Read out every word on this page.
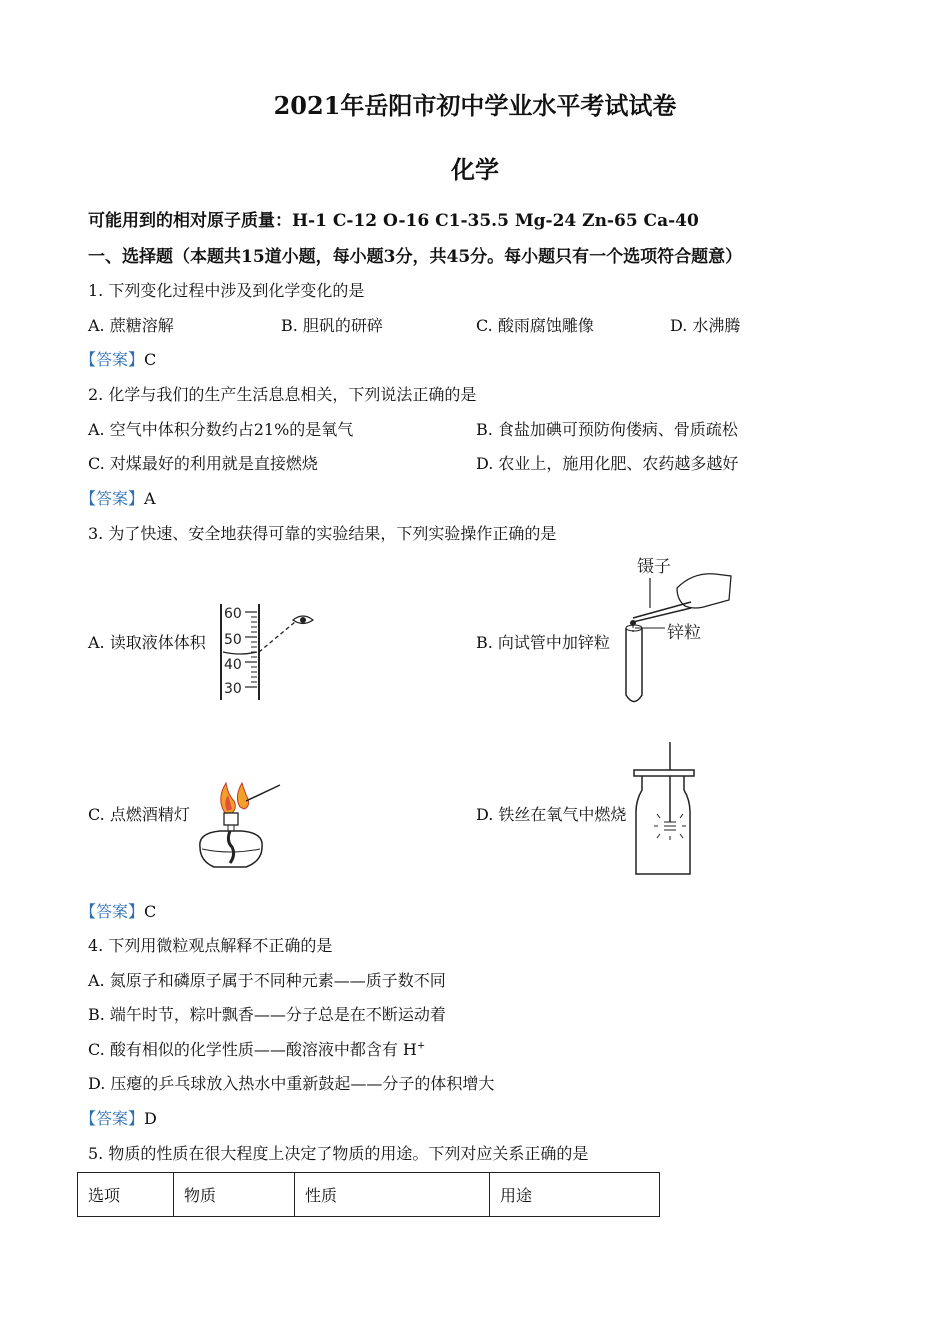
2021年岳阳市初中学业水平考试试卷
化学
可能用到的相对原子质量：H-1 C-12 O-16 C1-35.5 Mg-24 Zn-65 Ca-40
一、选择题（本题共15道小题，每小题3分，共45分。每小题只有一个选项符合题意）
1. 下列变化过程中涉及到化学变化的是
A. 蔗糖溶解	B. 胆矾的研碎	C. 酸雨腐蚀雕像	D. 水沸腾
【答案】C
2. 化学与我们的生产生活息息相关，下列说法正确的是
A. 空气中体积分数约占21%的是氧气	B. 食盐加碘可预防佝偻病、骨质疏松
C. 对煤最好的利用就是直接燃烧	D. 农业上，施用化肥、农药越多越好
【答案】A
3. 为了快速、安全地获得可靠的实验结果，下列实验操作正确的是
A. 读取液体体积	B. 向试管中加锌粒
C. 点燃酒精灯	D. 铁丝在氧气中燃烧
60
50
40
30
镊子
锌粒
【答案】C
4. 下列用微粒观点解释不正确的是
A. 氮原子和磷原子属于不同种元素——质子数不同
B. 端午时节，粽叶飘香——分子总是在不断运动着
C. 酸有相似的化学性质——酸溶液中都含有 H+
D. 压瘪的乒乓球放入热水中重新鼓起——分子的体积增大
【答案】D
5. 物质的性质在很大程度上决定了物质的用途。下列对应关系正确的是
选项	物质	性质	用途
